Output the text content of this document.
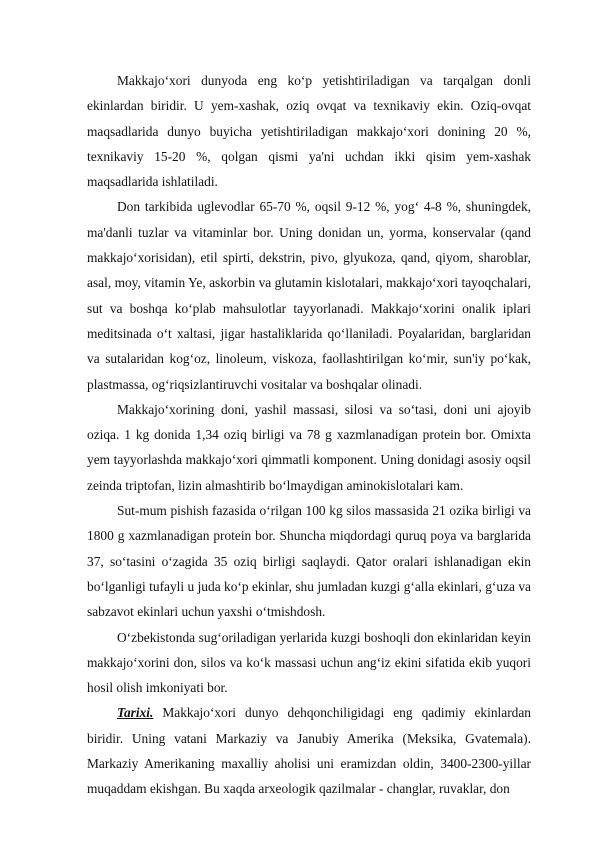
Makkajo‘xori dunyoda eng ko‘p yetishtiriladigan va tarqalgan donli ekinlardan biridir. U yem-xashak, oziq ovqat va texnikaviy ekin. Oziq-ovqat maqsadlarida dunyo buyicha yetishtiriladigan makkajo‘xori donining 20 %, texnikaviy 15-20 %, qolgan qismi ya'ni uchdan ikki qisim yem-xashak maqsadlarida ishlatiladi.

Don tarkibida uglevodlar 65-70 %, oqsil 9-12 %, yog‘ 4-8 %, shuningdek, ma'danli tuzlar va vitaminlar bor. Uning donidan un, yorma, konservalar (qand makkajo‘xorisidan), etil spirti, dekstrin, pivo, glyukoza, qand, qiyom, sharoblar, asal, moy, vitamin Ye, askorbin va glutamin kislotalari, makkajo‘xori tayoqchalari, sut va boshqa ko‘plab mahsulotlar tayyorlanadi. Makkajo‘xorini onalik iplari meditsinada o‘t xaltasi, jigar hastaliklarida qo‘llaniladi. Poyalaridan, barglaridan va sutalaridan kog‘oz, linoleum, viskoza, faollashtirilgan ko‘mir, sun'iy po‘kak, plastmassa, og‘riqsizlantiruvchi vositalar va boshqalar olinadi.

Makkajo‘xorining doni, yashil massasi, silosi va so‘tasi, doni uni ajoyib oziqa. 1 kg donida 1,34 oziq birligi va 78 g xazmlanadigan protein bor. Omixta yem tayyorlashda makkajo‘xori qimmatli komponent. Uning donidagi asosiy oqsil zeinda triptofan, lizin almashtirib bo‘lmaydigan aminokislotalari kam.

Sut-mum pishish fazasida o‘rilgan 100 kg silos massasida 21 ozika birligi va 1800 g xazmlanadigan protein bor. Shuncha miqdordagi quruq poya va barglarida 37, so‘tasini o‘zagida 35 oziq birligi saqlaydi. Qator oralari ishlanadigan ekin bo‘lganligi tufayli u juda ko‘p ekinlar, shu jumladan kuzgi g‘alla ekinlari, g‘uza va sabzavot ekinlari uchun yaxshi o‘tmishdosh.

O‘zbekistonda sug‘oriladigan yerlarida kuzgi boshoqli don ekinlaridan keyin makkajo‘xorini don, silos va ko‘k massasi uchun ang‘iz ekini sifatida ekib yuqori hosil olish imkoniyati bor.

Tarixi. Makkajo‘xori dunyo dehqonchiligidagi eng qadimiy ekinlardan biridir. Uning vatani Markaziy va Janubiy Amerika (Meksika, Gvatemala). Markaziy Amerikaning maxalliy aholisi uni eramizdan oldin, 3400-2300-yillar muqaddam ekishgan. Bu xaqda arxeologik qazilmalar - changlar, ruvaklar, don
